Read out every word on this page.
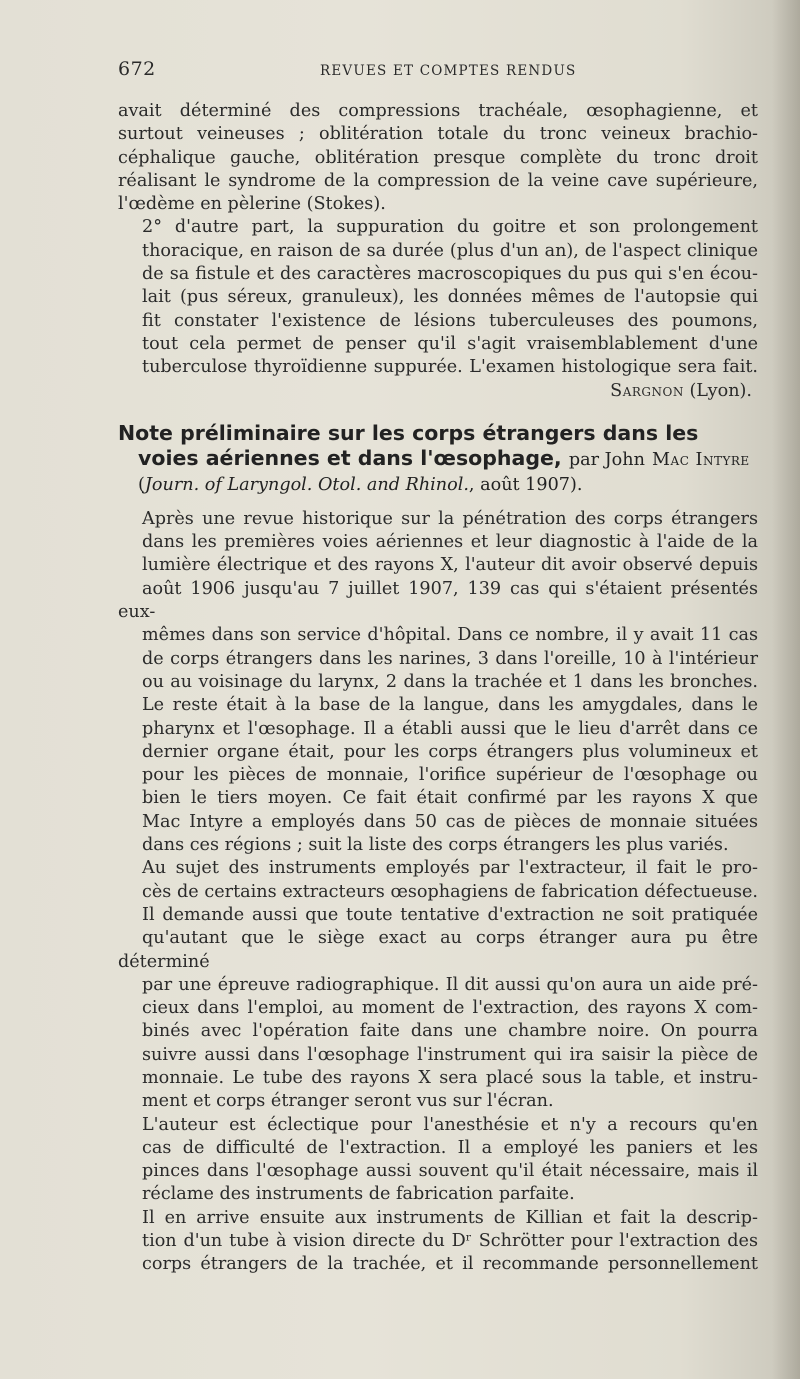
672	REVUES ET COMPTES RENDUS

avait déterminé des compressions trachéale, œsophagienne, et
surtout veineuses ; oblitération totale du tronc veineux brachio-
céphalique gauche, oblitération presque complète du tronc droit
réalisant le syndrome de la compression de la veine cave supérieure,
l'œdème en pèlerine (Stokes).

2° d'autre part, la suppuration du goitre et son prolongement
thoracique, en raison de sa durée (plus d'un an), de l'aspect clinique
de sa fistule et des caractères macroscopiques du pus qui s'en écou-
lait (pus séreux, granuleux), les données mêmes de l'autopsie qui
fit constater l'existence de lésions tuberculeuses des poumons,
tout cela permet de penser qu'il s'agit vraisemblablement d'une
tuberculose thyroïdienne suppurée. L'examen histologique sera fait.

Sargnon (Lyon).

Note préliminaire sur les corps étrangers dans les
voies aériennes et dans l'œsophage, par John Mac Intyre
(Journ. of Laryngol. Otol. and Rhinol., août 1907).

Après une revue historique sur la pénétration des corps étrangers
dans les premières voies aériennes et leur diagnostic à l'aide de la
lumière électrique et des rayons X, l'auteur dit avoir observé depuis
août 1906 jusqu'au 7 juillet 1907, 139 cas qui s'étaient présentés eux-
mêmes dans son service d'hôpital. Dans ce nombre, il y avait 11 cas
de corps étrangers dans les narines, 3 dans l'oreille, 10 à l'intérieur
ou au voisinage du larynx, 2 dans la trachée et 1 dans les bronches.
Le reste était à la base de la langue, dans les amygdales, dans le
pharynx et l'œsophage. Il a établi aussi que le lieu d'arrêt dans ce
dernier organe était, pour les corps étrangers plus volumineux et
pour les pièces de monnaie, l'orifice supérieur de l'œsophage ou
bien le tiers moyen. Ce fait était confirmé par les rayons X que
Mac Intyre a employés dans 50 cas de pièces de monnaie situées
dans ces régions ; suit la liste des corps étrangers les plus variés.

Au sujet des instruments employés par l'extracteur, il fait le pro-
cès de certains extracteurs œsophagiens de fabrication défectueuse.
Il demande aussi que toute tentative d'extraction ne soit pratiquée
qu'autant que le siège exact au corps étranger aura pu être déterminé
par une épreuve radiographique. Il dit aussi qu'on aura un aide pré-
cieux dans l'emploi, au moment de l'extraction, des rayons X com-
binés avec l'opération faite dans une chambre noire. On pourra
suivre aussi dans l'œsophage l'instrument qui ira saisir la pièce de
monnaie. Le tube des rayons X sera placé sous la table, et instru-
ment et corps étranger seront vus sur l'écran.

L'auteur est éclectique pour l'anesthésie et n'y a recours qu'en
cas de difficulté de l'extraction. Il a employé les paniers et les
pinces dans l'œsophage aussi souvent qu'il était nécessaire, mais il
réclame des instruments de fabrication parfaite.

Il en arrive ensuite aux instruments de Killian et fait la descrip-
tion d'un tube à vision directe du Dʳ Schrötter pour l'extraction des
corps étrangers de la trachée, et il recommande personnellement
